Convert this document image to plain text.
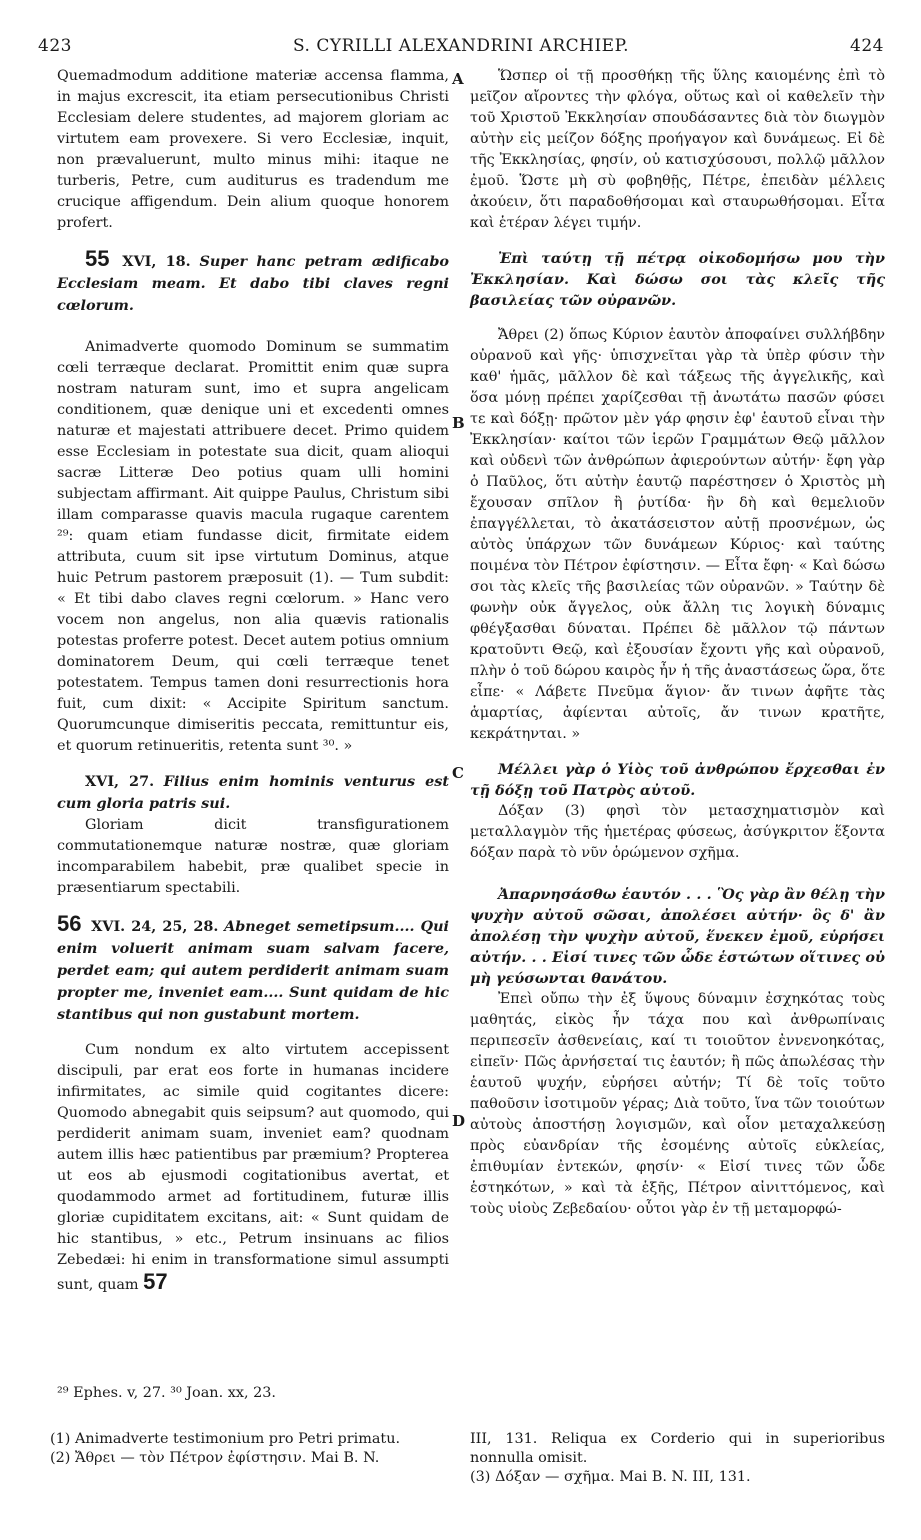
423	S. CYRILLI ALEXANDRINI ARCHIEP.	424
A
B
C
D

Quemadmodum additione materiæ accensa flamma, in majus excrescit, ita etiam persecutionibus Christi Ecclesiam delere studentes, ad majorem gloriam ac virtutem eam provexere. Si vero Ecclesiæ, inquit, non prævaluerunt, multo minus mihi: itaque ne turberis, Petre, cum auditurus es tradendum me crucique affigendum. Dein alium quoque honorem profert.

55 XVI, 18. Super hanc petram ædificabo Ecclesiam meam. Et dabo tibi claves regni cœlorum.

Animadverte quomodo Dominum se summatim cœli terræque declarat. Promittit enim quæ supra nostram naturam sunt, imo et supra angelicam conditionem, quæ denique uni et excedenti omnes naturæ et majestati attribuere decet. Primo quidem esse Ecclesiam in potestate sua dicit, quam alioqui sacræ Litteræ Deo potius quam ulli homini subjectam affirmant. Ait quippe Paulus, Christum sibi illam comparasse quavis macula rugaque carentem ²⁹: quam etiam fundasse dicit, firmitate eidem attributa, cuum sit ipse virtutum Dominus, atque huic Petrum pastorem præposuit (1). — Tum subdit: « Et tibi dabo claves regni cœlorum. » Hanc vero vocem non angelus, non alia quævis rationalis potestas proferre potest. Decet autem potius omnium dominatorem Deum, qui cœli terræque tenet potestatem. Tempus tamen doni resurrectionis hora fuit, cum dixit: « Accipite Spiritum sanctum. Quorumcunque dimiseritis peccata, remittuntur eis, et quorum retinueritis, retenta sunt ³⁰. »

XVI, 27. Filius enim hominis venturus est cum gloria patris sui.

Gloriam dicit transfigurationem commutationemque naturæ nostræ, quæ gloriam incomparabilem habebit, præ qualibet specie in præsentiarum spectabili.

56 XVI. 24, 25, 28. Abneget semetipsum.... Qui enim voluerit animam suam salvam facere, perdet eam; qui autem perdiderit animam suam propter me, inveniet eam.... Sunt quidam de hic stantibus qui non gustabunt mortem.

Cum nondum ex alto virtutem accepissent discipuli, par erat eos forte in humanas incidere infirmitates, ac simile quid cogitantes dicere: Quomodo abnegabit quis seipsum? aut quomodo, qui perdiderit animam suam, inveniet eam? quodnam autem illis hæc patientibus par præmium? Propterea ut eos ab ejusmodi cogitationibus avertat, et quodammodo armet ad fortitudinem, futuræ illis gloriæ cupiditatem excitans, ait: « Sunt quidam de hic stantibus, » etc., Petrum insinuans ac filios Zebedæi: hi enim in transformatione simul assumpti sunt, quam 57

Ὥσπερ οἱ τῇ προσθήκῃ τῆς ὕλης καιομένης ἐπὶ τὸ μεῖζον αἴροντες τὴν φλόγα, οὕτως καὶ οἱ καθελεῖν τὴν τοῦ Χριστοῦ Ἐκκλησίαν σπουδάσαντες διὰ τὸν διωγμὸν αὐτὴν εἰς μείζον δόξης προήγαγον καὶ δυνάμεως. Εἰ δὲ τῆς Ἐκκλησίας, φησίν, οὐ κατισχύσουσι, πολλῷ μᾶλλον ἐμοῦ. Ὥστε μὴ σὺ φοβηθῇς, Πέτρε, ἐπειδὰν μέλλεις ἀκούειν, ὅτι παραδοθήσομαι καὶ σταυρωθήσομαι. Εἶτα καὶ ἑτέραν λέγει τιμήν.

Ἐπὶ ταύτῃ τῇ πέτρᾳ οἰκοδομήσω μου τὴν Ἐκκλησίαν. Καὶ δώσω σοι τὰς κλεῖς τῆς βασιλείας τῶν οὐρανῶν.

Ἄθρει (2) ὅπως Κύριον ἑαυτὸν ἀποφαίνει συλλήβδην οὐρανοῦ καὶ γῆς· ὑπισχνεῖται γὰρ τὰ ὑπὲρ φύσιν τὴν καθ' ἡμᾶς, μᾶλλον δὲ καὶ τάξεως τῆς ἀγγελικῆς, καὶ ὅσα μόνῃ πρέπει χαρίζεσθαι τῇ ἀνωτάτω πασῶν φύσει τε καὶ δόξῃ· πρῶτον μὲν γάρ φησιν ἐφ' ἑαυτοῦ εἶναι τὴν Ἐκκλησίαν· καίτοι τῶν ἱερῶν Γραμμάτων Θεῷ μᾶλλον καὶ οὐδενὶ τῶν ἀνθρώπων ἀφιερούντων αὐτήν· ἔφη γὰρ ὁ Παῦλος, ὅτι αὐτὴν ἑαυτῷ παρέστησεν ὁ Χριστὸς μὴ ἔχουσαν σπῖλον ἢ ῥυτίδα· ἣν δὴ καὶ θεμελιοῦν ἐπαγγέλλεται, τὸ ἀκατάσειστον αὐτῇ προσνέμων, ὡς αὐτὸς ὑπάρχων τῶν δυνάμεων Κύριος· καὶ ταύτης ποιμένα τὸν Πέτρον ἐφίστησιν. — Εἶτα ἔφη· « Καὶ δώσω σοι τὰς κλεῖς τῆς βασιλείας τῶν οὐρανῶν. » Ταύτην δὲ φωνὴν οὐκ ἄγγελος, οὐκ ἄλλη τις λογικὴ δύναμις φθέγξασθαι δύναται. Πρέπει δὲ μᾶλλον τῷ πάντων κρατοῦντι Θεῷ, καὶ ἐξουσίαν ἔχοντι γῆς καὶ οὐρανοῦ, πλὴν ὁ τοῦ δώρου καιρὸς ἦν ἡ τῆς ἀναστάσεως ὥρα, ὅτε εἶπε· « Λάβετε Πνεῦμα ἅγιον· ἄν τινων ἀφῆτε τὰς ἁμαρτίας, ἀφίενται αὐτοῖς, ἄν τινων κρατῆτε, κεκράτηνται. »

Μέλλει γὰρ ὁ Υἱὸς τοῦ ἀνθρώπου ἔρχεσθαι ἐν τῇ δόξῃ τοῦ Πατρὸς αὐτοῦ.

Δόξαν (3) φησὶ τὸν μετασχηματισμὸν καὶ μεταλλαγμὸν τῆς ἡμετέρας φύσεως, ἀσύγκριτον ἕξοντα δόξαν παρὰ τὸ νῦν ὁρώμενον σχῆμα.

Ἀπαρνησάσθω ἑαυτόν . . . Ὃς γὰρ ἂν θέλῃ τὴν ψυχὴν αὐτοῦ σῶσαι, ἀπολέσει αὐτήν· ὃς δ' ἂν ἀπολέσῃ τὴν ψυχὴν αὐτοῦ, ἕνεκεν ἐμοῦ, εὑρήσει αὐτήν. . . Εἰσί τινες τῶν ὧδε ἑστώτων οἵτινες οὐ μὴ γεύσωνται θανάτου.

Ἐπεὶ οὔπω τὴν ἐξ ὕψους δύναμιν ἐσχηκότας τοὺς μαθητάς, εἰκὸς ἦν τάχα που καὶ ἀνθρωπίναις περιπεσεῖν ἀσθενείαις, καί τι τοιοῦτον ἐννενοηκότας, εἰπεῖν· Πῶς ἀρνήσεταί τις ἑαυτόν; ἢ πῶς ἀπωλέσας τὴν ἑαυτοῦ ψυχήν, εὑρήσει αὐτήν; Τί δὲ τοῖς τοῦτο παθοῦσιν ἰσοτιμοῦν γέρας; Διὰ τοῦτο, ἵνα τῶν τοιούτων αὐτοὺς ἀποστήσῃ λογισμῶν, καὶ οἷον μεταχαλκεύσῃ πρὸς εὐανδρίαν τῆς ἐσομένης αὐτοῖς εὐκλείας, ἐπιθυμίαν ἐντεκών, φησίν· « Εἰσί τινες τῶν ὧδε ἑστηκότων, » καὶ τὰ ἑξῆς, Πέτρον αἰνιττόμενος, καὶ τοὺς υἱοὺς Ζεβεδαίου· οὗτοι γὰρ ἐν τῇ μεταμορφώ-

²⁹ Ephes. v, 27. ³⁰ Joan. xx, 23.
(1) Animadverte testimonium pro Petri primatu.
(2) Ἄθρει — τὸν Πέτρον ἐφίστησιν. Mai B. N.
III, 131. Reliqua ex Corderio qui in superioribus nonnulla omisit.
(3) Δόξαν — σχῆμα. Mai B. N. III, 131.
